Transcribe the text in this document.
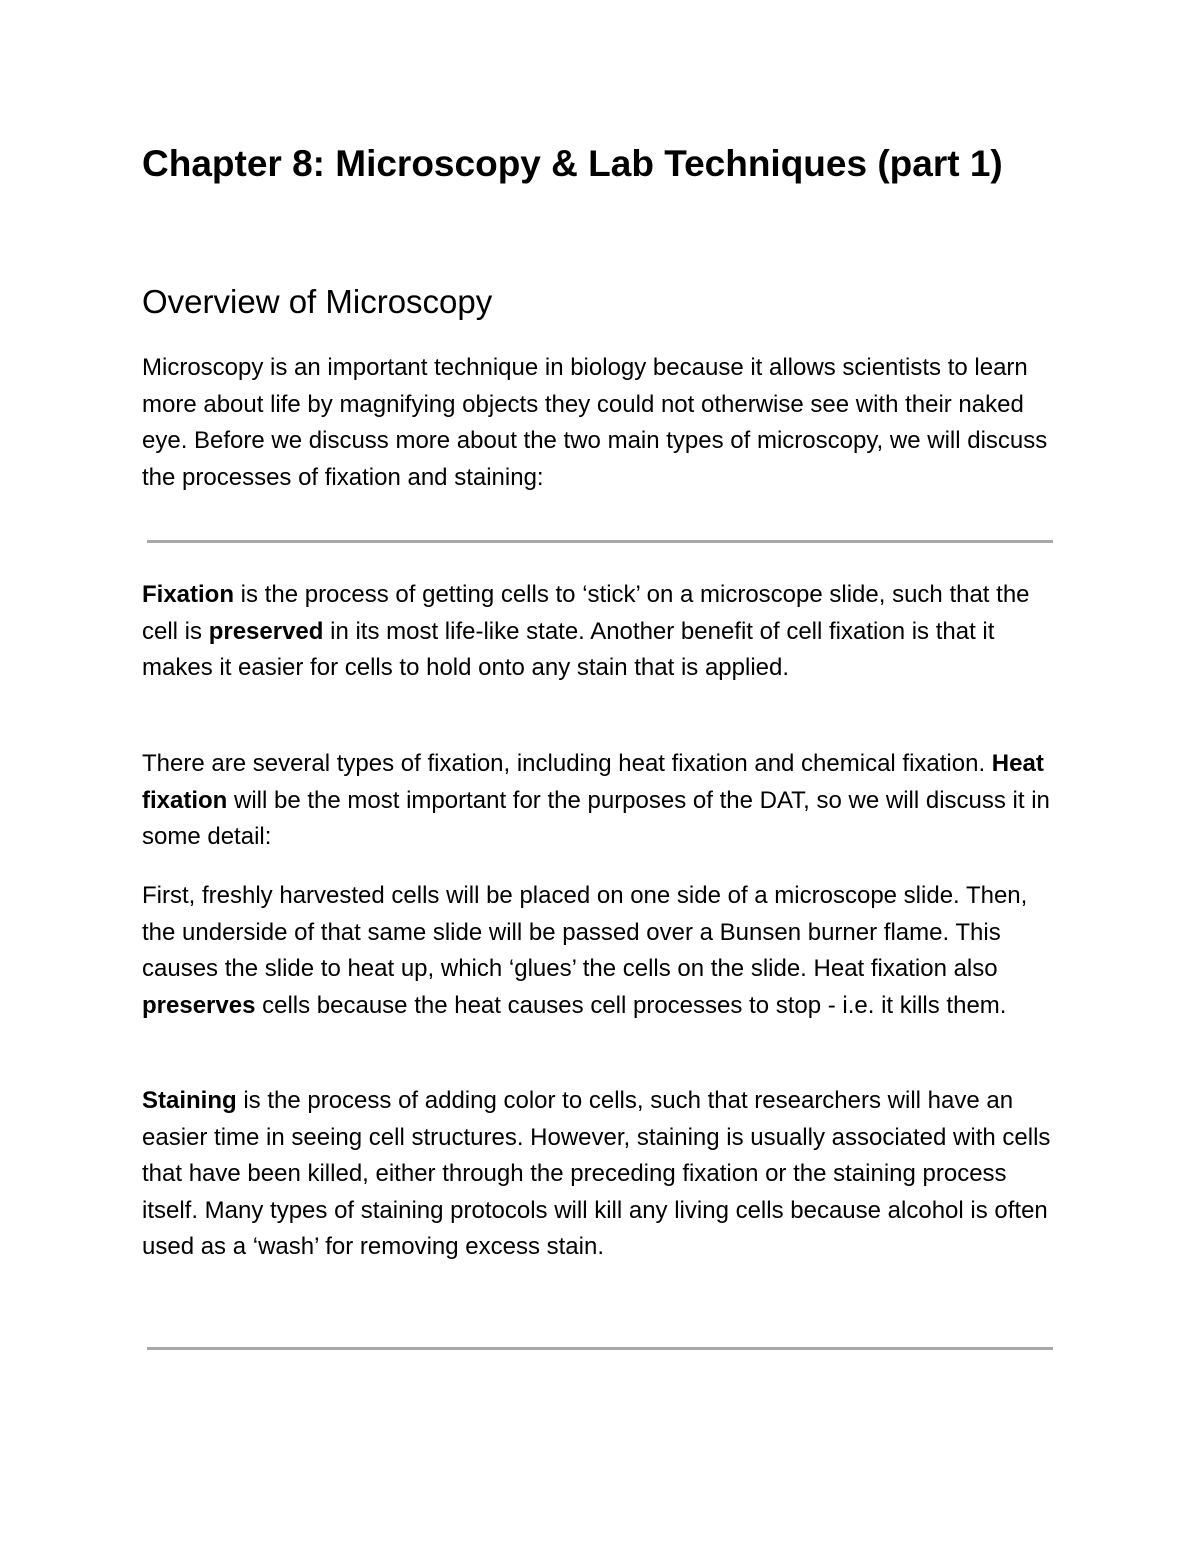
Chapter 8: Microscopy & Lab Techniques (part 1)
Overview of Microscopy

Microscopy is an important technique in biology because it allows scientists to learn more about life by magnifying objects they could not otherwise see with their naked eye. Before we discuss more about the two main types of microscopy, we will discuss the processes of fixation and staining:

Fixation is the process of getting cells to ‘stick’ on a microscope slide, such that the cell is preserved in its most life-like state. Another benefit of cell fixation is that it makes it easier for cells to hold onto any stain that is applied.

There are several types of fixation, including heat fixation and chemical fixation. Heat fixation will be the most important for the purposes of the DAT, so we will discuss it in some detail:

First, freshly harvested cells will be placed on one side of a microscope slide. Then, the underside of that same slide will be passed over a Bunsen burner flame. This causes the slide to heat up, which ‘glues’ the cells on the slide. Heat fixation also preserves cells because the heat causes cell processes to stop - i.e. it kills them.

Staining is the process of adding color to cells, such that researchers will have an easier time in seeing cell structures. However, staining is usually associated with cells that have been killed, either through the preceding fixation or the staining process itself. Many types of staining protocols will kill any living cells because alcohol is often used as a ‘wash’ for removing excess stain.
